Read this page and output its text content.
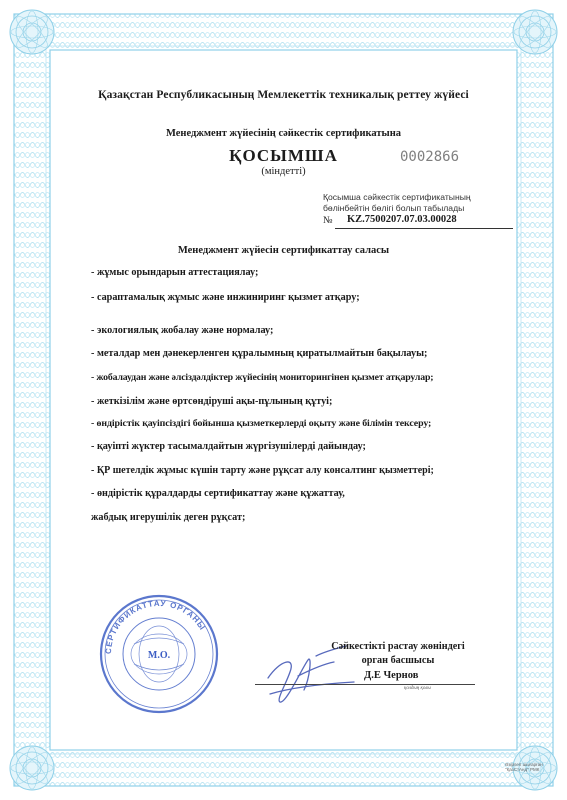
Қазақстан Республикасының Мемлекеттік техникалық реттеу жүйесі
Менеджмент жүйесінің сәйкестік сертификатына
ҚОСЫМША
(міндетті)
0002866
Қосымша сәйкестік сертификатының
бөлінбейтін бөлігі болып табылады
№ KZ.7500207.07.03.00028
Менеджмент жүйесін сертификаттау саласы
- жұмыс орындарын аттестациялау;
- сараптамалық жұмыс және инжиниринг қызмет атқару;
- экологиялық жобалау және нормалау;
- металдар мен дәнекерленген құралымның қиратылмайтын бақылауы;
- жобалаудан және әлсіздәлдіктер жүйесінің мониторингінен қызмет атқарулар;
- жеткізілім және өртсөндіруші ақы-пұлының құтуі;
- өндірістік қауіпсіздігі бойынша қызметкерлерді оқыту және білімін тексеру;
- қауіпті жүктер тасымалдайтын жүргізушілерді дайындау;
- ҚР шетелдік жұмыс күшін тарту және рұқсат алу консалтинг қызметтері;
- өндірістік құралдарды сертификаттау және құжаттау,
жабдық игерушілік деген рұқсат;
СЕРТИФИКАТТАУ ОРГАНЫ
М.О.
Сәйкестікті растау жөніндегі
орган басшысы
Д.Е Чернов
қолдың қолы
Әзірлеп шығарған "ҚазСтАнд" РМК
